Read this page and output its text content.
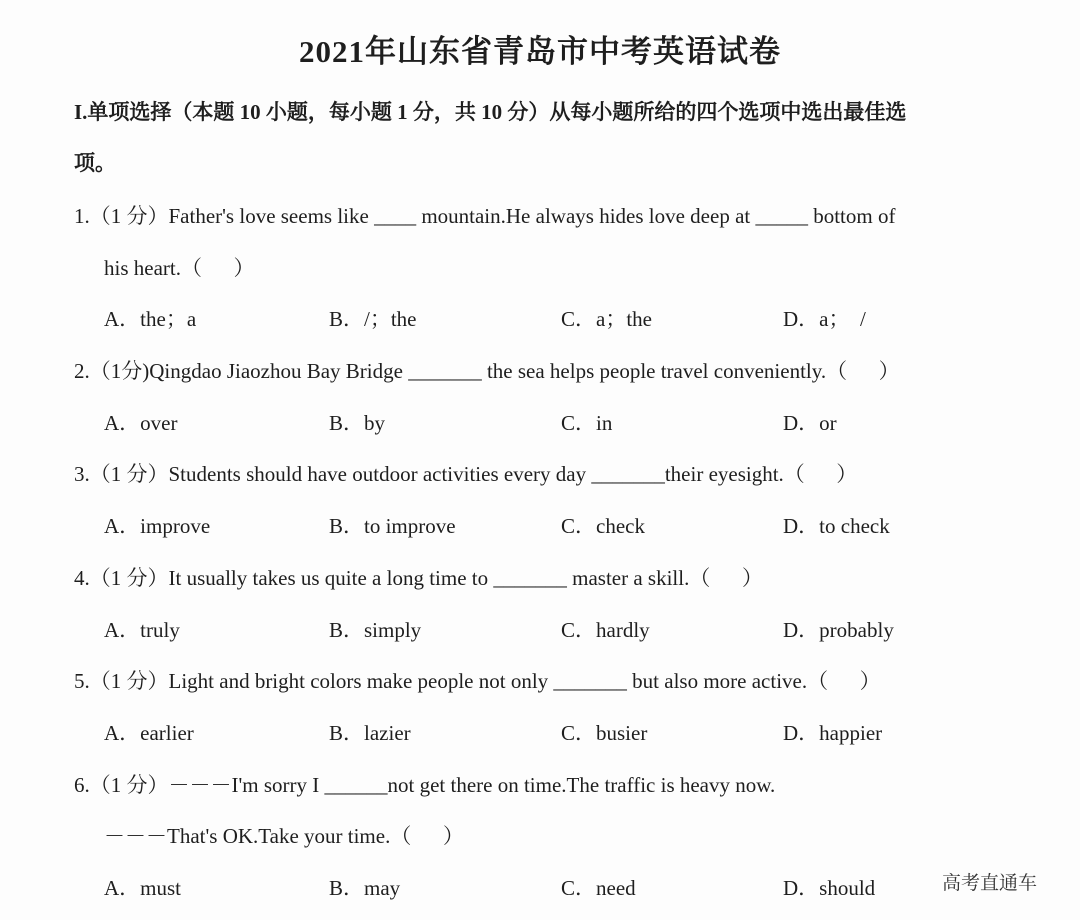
2021年山东省青岛市中考英语试卷
I.单项选择（本题 10 小题，每小题 1 分，共 10 分）从每小题所给的四个选项中选出最佳选
项。
1.（1 分）Father's love seems like ____ mountain.He always hides love deep at _____ bottom of
his heart.（      ）
A．the；a	B．/；the	C．a；the	D．a；  /
2.（1分)Qingdao Jiaozhou Bay Bridge _______ the sea helps people travel conveniently.（      ）
A．over	B．by	C．in	D．or
3.（1 分）Students should have outdoor activities every day _______their eyesight.（      ）
A．improve	B．to improve	C．check	D．to check
4.（1 分）It usually takes us quite a long time to _______ master a skill.（      ）
A．truly	B．simply	C．hardly	D．probably
5.（1 分）Light and bright colors make people not only _______ but also more active.（      ）
A．earlier	B．lazier	C．busier	D．happier
6.（1 分）－－－I'm sorry I ______not get there on time.The traffic is heavy now.
－－－That's OK.Take your time.（      ）
A．must	B．may	C．need	D．should	高考直通车
